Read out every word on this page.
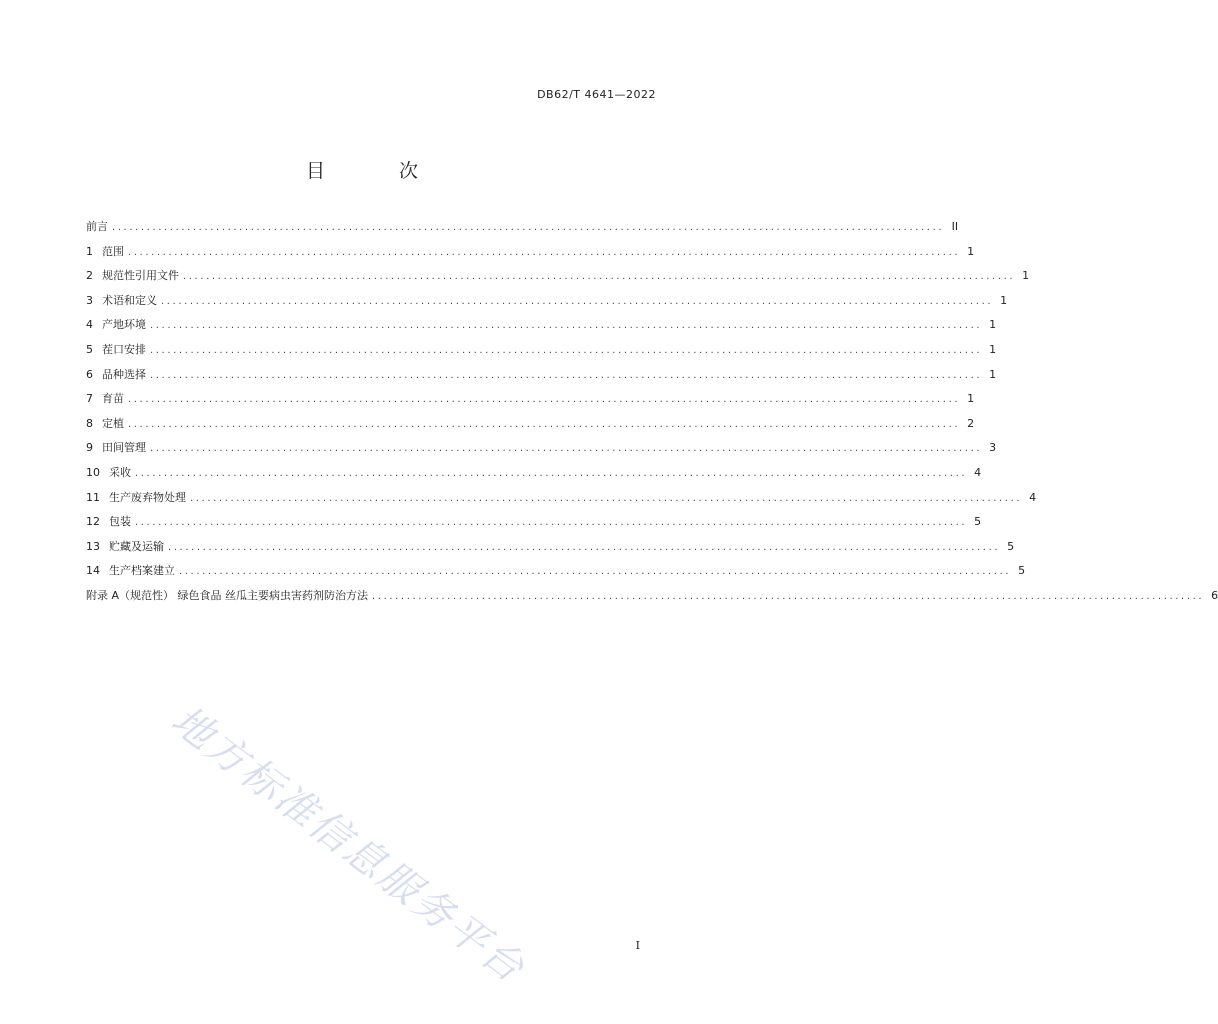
DB62/T 4641—2022
目 次
前言 ................................................................................................................................................ II
1 范围 ................................................................................................................................................ 1
2 规范性引用文件 ................................................................................................................................................ 1
3 术语和定义 ................................................................................................................................................ 1
4 产地环境 ................................................................................................................................................ 1
5 茬口安排 ................................................................................................................................................ 1
6 品种选择 ................................................................................................................................................ 1
7 育苗 ................................................................................................................................................ 1
8 定植 ................................................................................................................................................ 2
9 田间管理 ................................................................................................................................................ 3
10 采收 ................................................................................................................................................ 4
11 生产废弃物处理 ................................................................................................................................................ 4
12 包装 ................................................................................................................................................ 5
13 贮藏及运输 ................................................................................................................................................ 5
14 生产档案建立 ................................................................................................................................................ 5
附录 A（规范性） 绿色食品 丝瓜主要病虫害药剂防治方法 ................................................................................................................................................ 6
地方标准信息服务平台	I
